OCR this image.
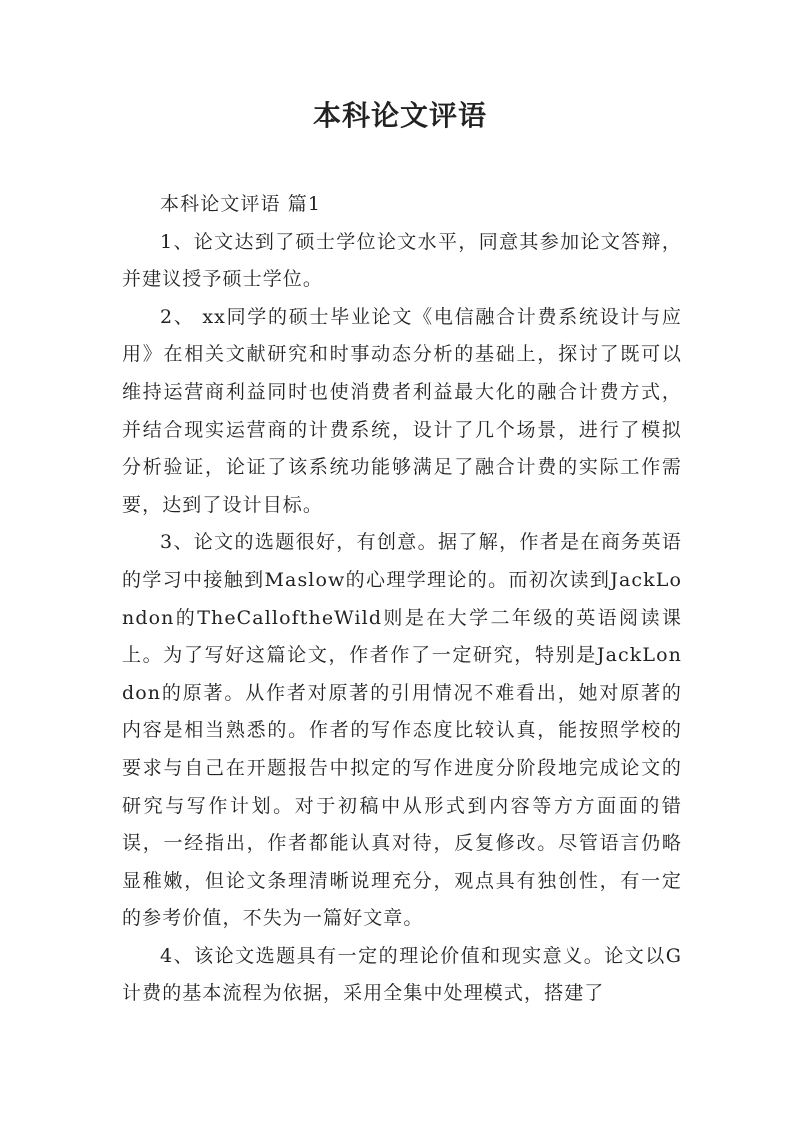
本科论文评语

本科论文评语 篇1

1、论文达到了硕士学位论文水平，同意其参加论文答辩，并建议授予硕士学位。

2、 xx同学的硕士毕业论文《电信融合计费系统设计与应用》在相关文献研究和时事动态分析的基础上，探讨了既可以维持运营商利益同时也使消费者利益最大化的融合计费方式，并结合现实运营商的计费系统，设计了几个场景，进行了模拟分析验证，论证了该系统功能够满足了融合计费的实际工作需要，达到了设计目标。

3、论文的选题很好，有创意。据了解，作者是在商务英语的学习中接触到Maslow的心理学理论的。而初次读到JackLondon的TheCalloftheWild则是在大学二年级的英语阅读课上。为了写好这篇论文，作者作了一定研究，特别是JackLondon的原著。从作者对原著的引用情况不难看出，她对原著的内容是相当熟悉的。作者的写作态度比较认真，能按照学校的要求与自己在开题报告中拟定的写作进度分阶段地完成论文的研究与写作计划。对于初稿中从形式到内容等方方面面的错误，一经指出，作者都能认真对待，反复修改。尽管语言仍略显稚嫩，但论文条理清晰说理充分，观点具有独创性，有一定的参考价值，不失为一篇好文章。

4、该论文选题具有一定的理论价值和现实意义。论文以G计费的基本流程为依据，采用全集中处理模式，搭建了
